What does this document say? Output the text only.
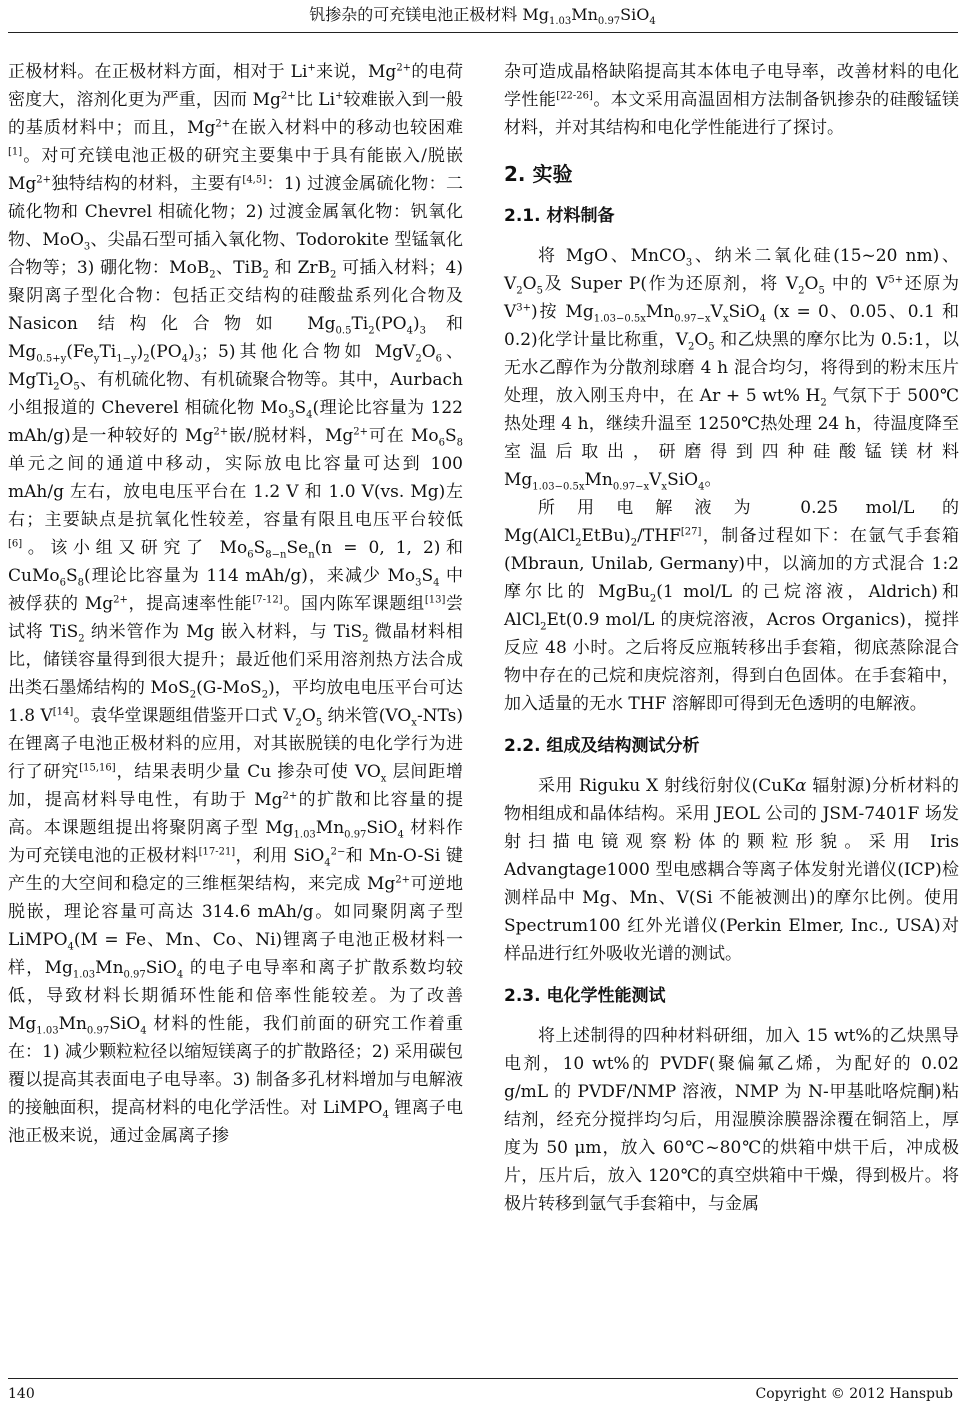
钒掺杂的可充镁电池正极材料 $Mg_{1.03}Mn_{0.97}SiO_4$

正极材料。在正极材料方面，相对于 Li+来说，$Mg^{2+}$的电荷密度大，溶剂化更为严重，因而 $Mg^{2+}$比 Li+较难嵌入到一般的基质材料中；而且，$Mg^{2+}$在嵌入材料中的移动也较困难[1]。对可充镁电池正极的研究主要集中于具有能嵌入/脱嵌 $Mg^{2+}$独特结构的材料，主要有[4,5]：1) 过渡金属硫化物：二硫化物和 Chevrel 相硫化物；2) 过渡金属氧化物：钒氧化物、MoO$_3$、尖晶石型可插入氧化物、Todorokite 型锰氧化合物等；3) 硼化物：MoB$_2$、TiB$_2$ 和 ZrB$_2$ 可插入材料；4) 聚阴离子型化合物：包括正交结构的硅酸盐系列化合物及 Nasicon 结构化合物如 $Mg_{0.5}Ti_2(PO_4)_3$ 和 $Mg_{0.5+y}(Fe_yTi_{1-y})_2(PO_4)_3$；5)其他化合物如 $MgV_2O_6$、$MgTi_2O_5$、有机硫化物、有机硫聚合物等。其中，Aurbach 小组报道的 Cheverel 相硫化物 $Mo_3S_4$(理论比容量为 122 mAh/g)是一种较好的 $Mg^{2+}$嵌/脱材料，$Mg^{2+}$可在 $Mo_6S_8$ 单元之间的通道中移动，实际放电比容量可达到 100 mAh/g 左右，放电电压平台在 1.2 V 和 1.0 V(vs. Mg)左右；主要缺点是抗氧化性较差，容量有限且电压平台较低[6]。该小组又研究了 $Mo_6S_{8-n}Se_n(n = 0$, 1, 2)和 $CuMo_6S_8$(理论比容量为 114 mAh/g)，来减少 $Mo_3S_4$ 中被俘获的 $Mg^{2+}$，提高速率性能[7-12]。国内陈军课题组[13]尝试将 TiS$_2$ 纳米管作为 Mg 嵌入材料，与 TiS$_2$ 微晶材料相比，储镁容量得到很大提升；最近他们采用溶剂热方法合成出类石墨烯结构的 MoS$_2$(G-MoS$_2$)，平均放电电压平台可达 1.8 V[14]。袁华堂课题组借鉴开口式 $V_2O_5$ 纳米管$(VO_x-NTs)$在锂离子电池正极材料的应用，对其嵌脱镁的电化学行为进行了研究[15,16]，结果表明少量 Cu 掺杂可使 $VO_x$ 层间距增加，提高材料导电性，有助于 $Mg^{2+}$的扩散和比容量的提高。本课题组提出将聚阴离子型 $Mg_{1.03}Mn_{0.97}SiO_4$ 材料作为可充镁电池的正极材料[17-21]，利用 SiO$_4^{2-}$和 Mn-O-Si 键产生的大空间和稳定的三维框架结构，来完成 $Mg^{2+}$可逆地脱嵌，理论容量可高达 314.6 mAh/g。如同聚阴离子型 LiMPO$_4$(M = Fe、Mn、Co、Ni)锂离子电池正极材料一样，$Mg_{1.03}Mn_{0.97}SiO_4$ 的电子电导率和离子扩散系数均较低，导致材料长期循环性能和倍率性能较差。为了改善 $Mg_{1.03}Mn_{0.97}SiO_4$ 材料的性能，我们前面的研究工作着重在：1) 减少颗粒粒径以缩短镁离子的扩散路径；2) 采用碳包覆以提高其表面电子电导率。3) 制备多孔材料增加与电解液的接触面积，提高材料的电化学活性。对 LiMPO$_4$ 锂离子电池正极来说，通过金属离子掺

杂可造成晶格缺陷提高其本体电子电导率，改善材料的电化学性能[22-26]。本文采用高温固相方法制备钒掺杂的硅酸锰镁材料，并对其结构和电化学性能进行了探讨。

2. 实验
2.1. 材料制备

将 MgO、MnCO$_3$、纳米二氧化硅(15~20 nm)、$V_2O_5$及 Super P(作为还原剂，将 $V_2O_5$ 中的 $V^{5+}$还原为 $V^{3+}$)按 $Mg_{1.03-0.5x}Mn_{0.97-x}V_xSiO_4$ (x = 0、0.05、0.1 和 0.2)化学计量比称重，$V_2O_5$ 和乙炔黑的摩尔比为 0.5:1，以无水乙醇作为分散剂球磨 4 h 混合均匀，将得到的粉末压片处理，放入刚玉舟中，在 Ar + 5 wt% $H_2$ 气氛下于 500℃热处理 4 h，继续升温至 1250℃热处理 24 h，待温度降至室温后取出，研磨得到四种硅酸锰镁材料 $Mg_{1.03-0.5x}Mn_{0.97-x}V_xSiO_4$。

所用电解液为 0.25 mol/L 的 $Mg(AlCl_2EtBu)_2/THF[27]$，制备过程如下：在氩气手套箱(Mbraun, Unilab, Germany)中，以滴加的方式混合 1:2 摩尔比的 MgBu$_2$(1 mol/L 的己烷溶液，Aldrich)和 AlCl$_2$Et(0.9 mol/L 的庚烷溶液，Acros Organics)，搅拌反应 48 小时。之后将反应瓶转移出手套箱，彻底蒸除混合物中存在的己烷和庚烷溶剂，得到白色固体。在手套箱中，加入适量的无水 THF 溶解即可得到无色透明的电解液。

2.2. 组成及结构测试分析

采用 Riguku X 射线衍射仪(CuKα 辐射源)分析材料的物相组成和晶体结构。采用 JEOL 公司的 JSM-7401F 场发射扫描电镜观察粉体的颗粒形貌。采用 Iris Advangtage1000 型电感耦合等离子体发射光谱仪(ICP)检测样品中 Mg、Mn、V(Si 不能被测出)的摩尔比例。使用 Spectrum100 红外光谱仪(Perkin Elmer, Inc., USA)对样品进行红外吸收光谱的测试。

2.3. 电化学性能测试

将上述制得的四种材料研细，加入 15 wt%的乙炔黑导电剂，10 wt%的 PVDF(聚偏氟乙烯，为配好的 0.02 g/mL 的 PVDF/NMP 溶液，NMP 为 N-甲基吡咯烷酮)粘结剂，经充分搅拌均匀后，用湿膜涂膜器涂覆在铜箔上，厚度为 50 μm，放入 60℃~80℃的烘箱中烘干后，冲成极片，压片后，放入 120℃的真空烘箱中干燥，得到极片。将极片转移到氩气手套箱中，与金属

140	Copyright © 2012 Hanspub
